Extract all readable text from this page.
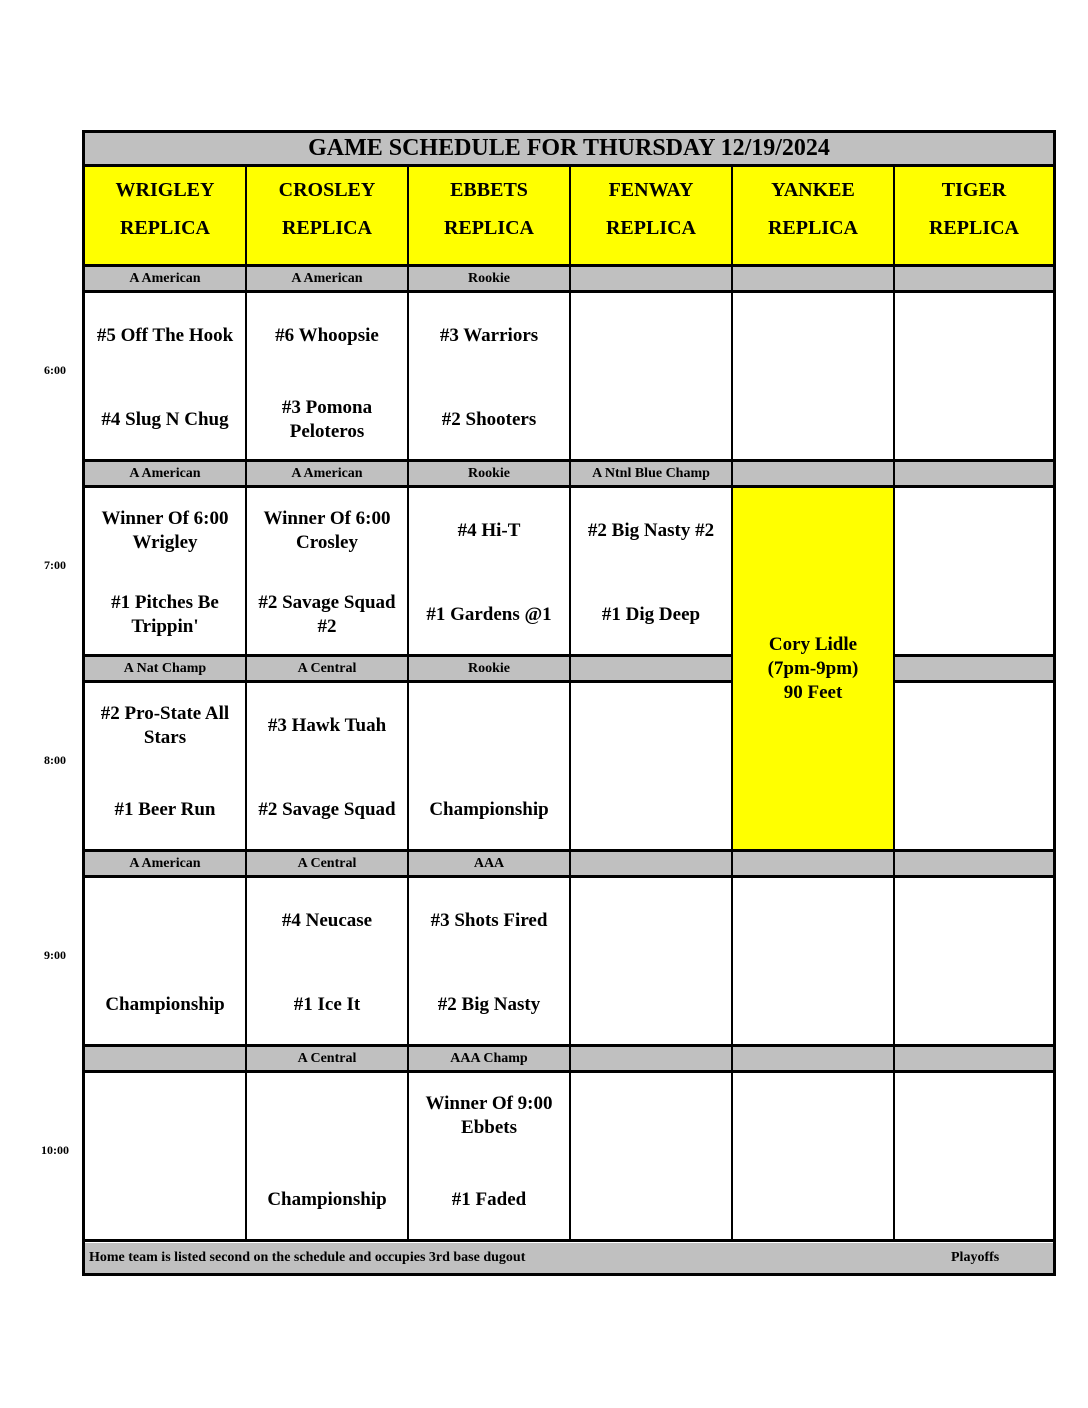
GAME SCHEDULE FOR THURSDAY 12/19/2024
WRIGLEY
REPLICA
CROSLEY
REPLICA
EBBETS
REPLICA
FENWAY
REPLICA
YANKEE
REPLICA
TIGER
REPLICA
A American
#5 Off The Hook
#4 Slug N Chug
A American
#6 Whoopsie
#3 Pomona Peloteros
Rookie
#3 Warriors
#2 Shooters
A American
Winner Of 6:00 Wrigley
#1 Pitches Be Trippin'
A American
Winner Of 6:00 Crosley
#2 Savage Squad #2
Rookie
#4 Hi-T
#1 Gardens @1
A Ntnl Blue Champ
#2 Big Nasty #2
#1 Dig Deep
A Nat Champ
#2 Pro-State All Stars
#1 Beer Run
A Central
#3 Hawk Tuah
#2 Savage Squad
Rookie
Championship
A American
Championship
A Central
#4 Neucase
#1 Ice It
AAA
#3 Shots Fired
#2 Big Nasty
A Central
Championship
AAA Champ
Winner Of 9:00 Ebbets
#1 Faded
Cory Lidle
(7pm-9pm)
90 Feet
Home team is listed second on the schedule and occupies 3rd base dugout	Playoffs
6:00
7:00
8:00
9:00
10:00
